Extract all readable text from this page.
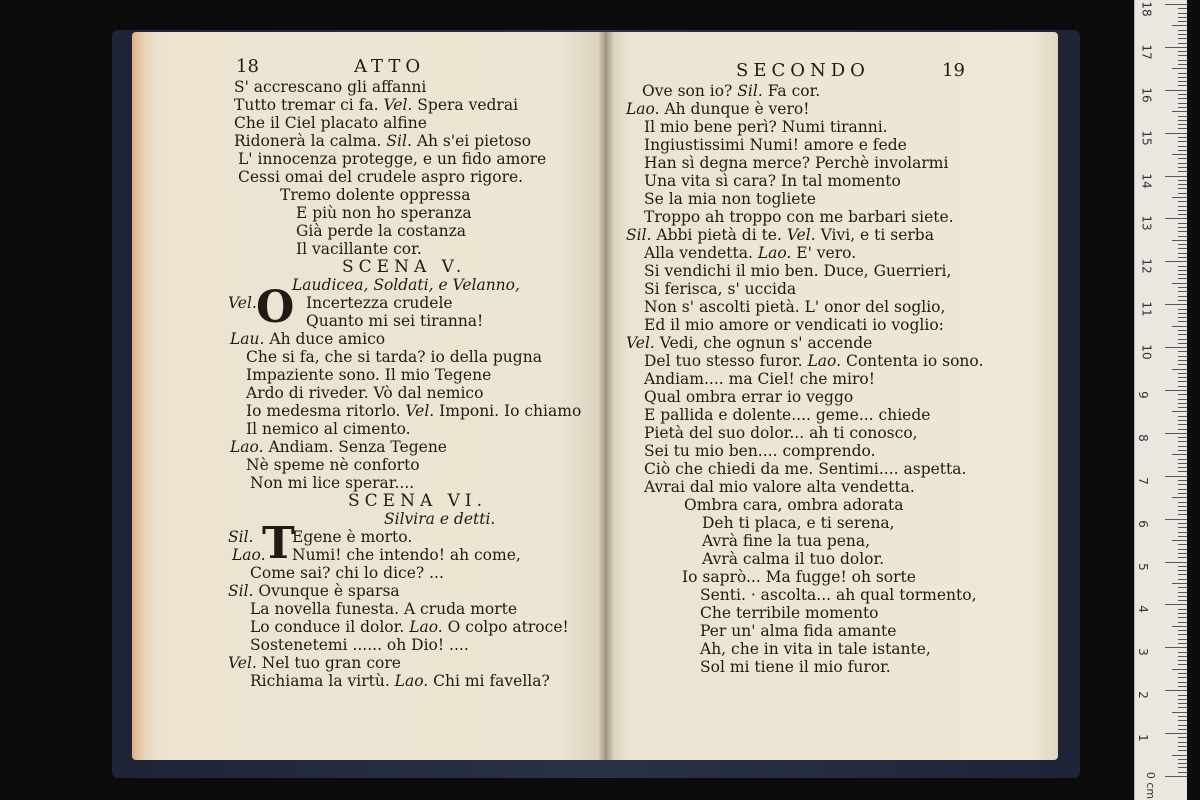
18	ATTO
O
T
S' accrescano gli affanni
Tutto tremar ci fa. Vel. Spera vedrai
Che il Ciel placato alfine
Ridonerà la calma. Sil. Ah s'ei pietoso
L' innocenza protegge, e un fido amore
Cessi omai del crudele aspro rigore.
Tremo dolente oppressa
E più non ho speranza
Già perde la costanza
Il vacillante cor.
SCENA V.
Laudicea, Soldati, e Velanno,
Vel.	Incertezza crudele
Quanto mi sei tiranna!
Lau. Ah duce amico
Che si fa, che si tarda? io della pugna
Impaziente sono. Il mio Tegene
Ardo di riveder. Vò dal nemico
Io medesma ritorlo. Vel. Imponi. Io chiamo
Il nemico al cimento.
Lao. Andiam. Senza Tegene
Nè speme nè conforto
Non mi lice sperar....
SCENA VI.
Silvira e detti.
Sil. Egene è morto.
Lao. Numi! che intendo! ah come,
Come sai? chi lo dice? ...
Sil. Ovunque è sparsa
La novella funesta. A cruda morte
Lo conduce il dolor. Lao. O colpo atroce!
Sostenetemi ...... oh Dio! ....
Vel. Nel tuo gran core
Richiama la virtù. Lao. Chi mi favella?
SECONDO	19
Ove son io? Sil. Fa cor.
Lao. Ah dunque è vero!
Il mio bene perì? Numi tiranni.
Ingiustissimi Numi! amore e fede
Han sì degna merce? Perchè involarmi
Una vita sì cara? In tal momento
Se la mia non togliete
Troppo ah troppo con me barbari siete.
Sil. Abbi pietà di te. Vel. Vivi, e ti serba
Alla vendetta. Lao. E' vero.
Si vendichi il mio ben. Duce, Guerrieri,
Si ferisca, s' uccida
Non s' ascolti pietà. L' onor del soglio,
Ed il mio amore or vendicati io voglio:
Vel. Vedi, che ognun s' accende
Del tuo stesso furor. Lao. Contenta io sono.
Andiam.... ma Ciel! che miro!
Qual ombra errar io veggo
E pallida e dolente.... geme... chiede
Pietà del suo dolor... ah ti conosco,
Sei tu mio ben.... comprendo.
Ciò che chiedi da me. Sentimi.... aspetta.
Avrai dal mio valore alta vendetta.
Ombra cara, ombra adorata
Deh ti placa, e ti serena,
Avrà fine la tua pena,
Avrà calma il tuo dolor.
Io saprò... Ma fugge! oh sorte
Senti. · ascolta... ah qual tormento,
Che terribile momento
Per un' alma fida amante
Ah, che in vita in tale istante,
Sol mi tiene il mio furor.
0 cm
18
17
16
15
14
13
12
11
10
9
8
7
6
5
4
3
2
1
